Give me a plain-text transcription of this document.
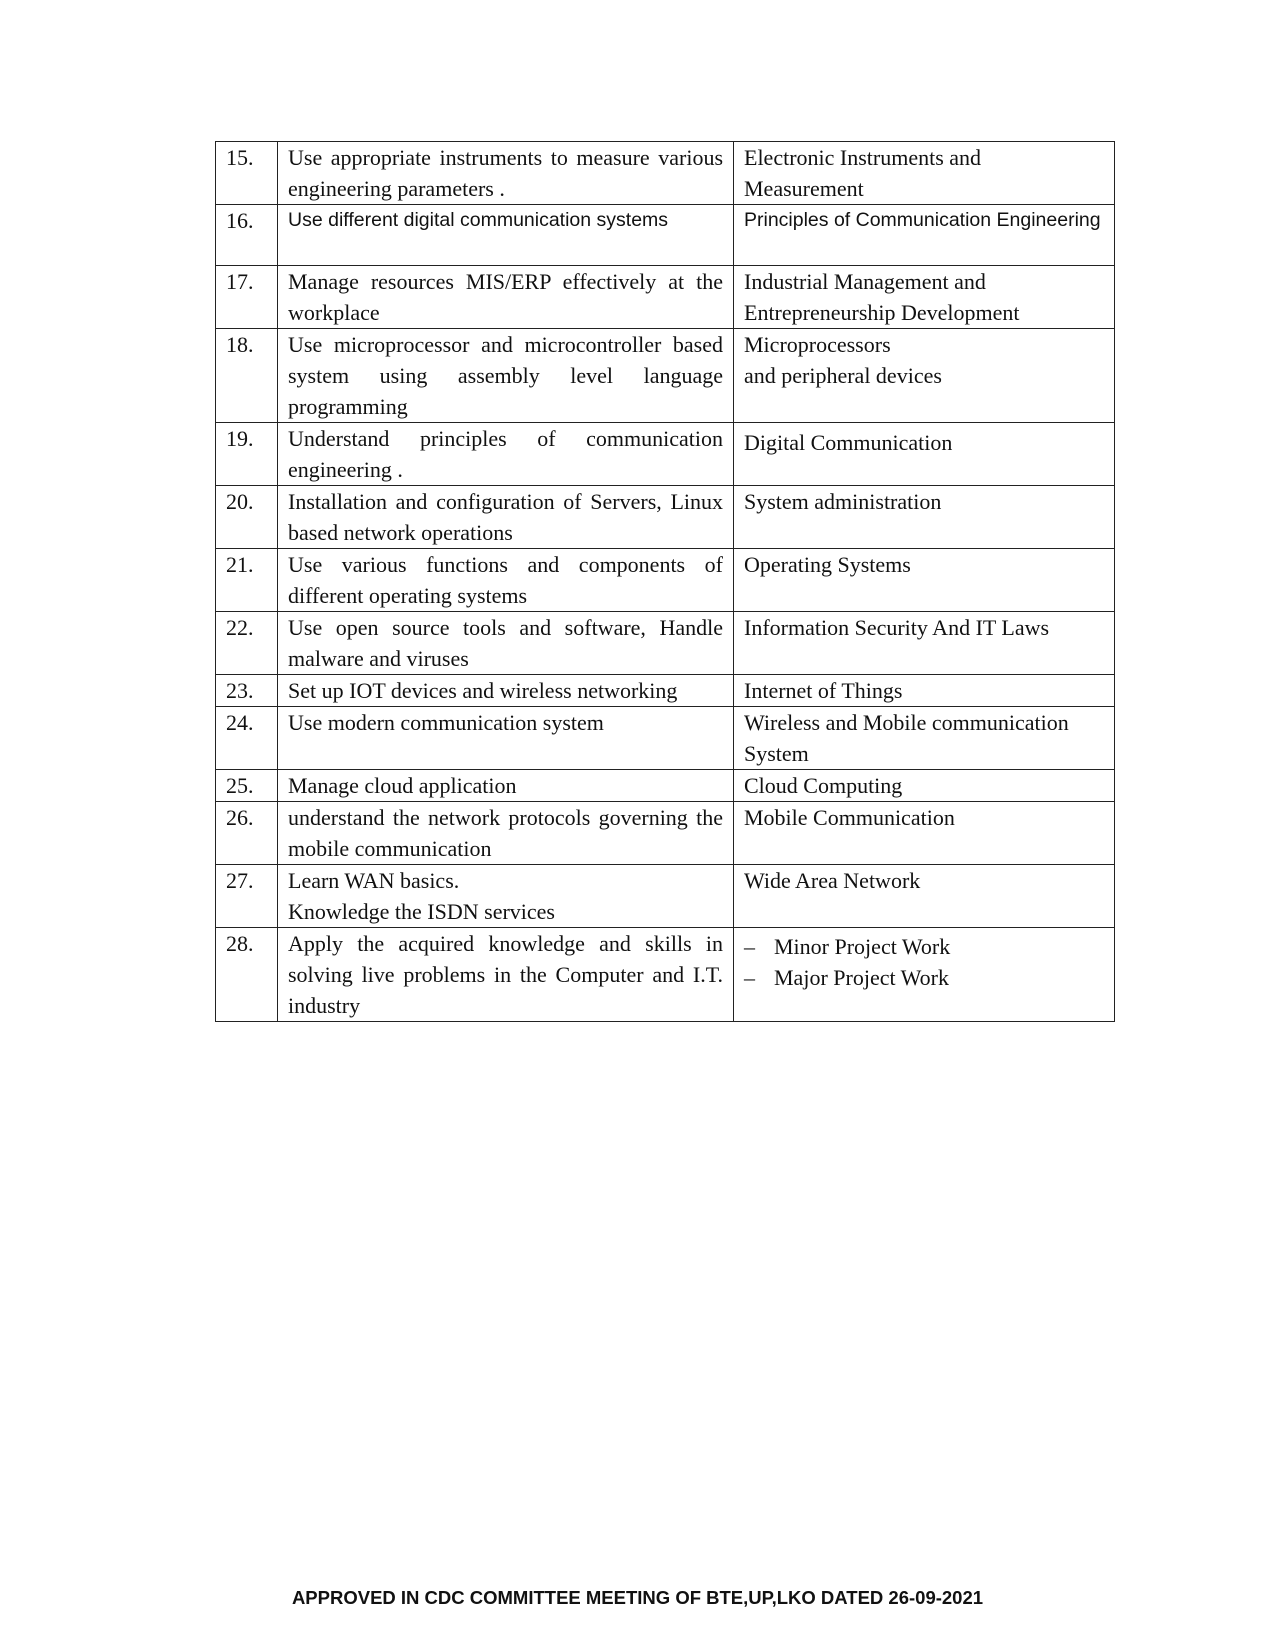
15.	Use appropriate instruments to measure various engineering parameters .	Electronic Instruments and Measurement
16.	Use different digital communication systems	Principles of Communication Engineering
17.	Manage resources MIS/ERP effectively at the workplace	Industrial Management and Entrepreneurship Development
18.	Use microprocessor and microcontroller based system using assembly level language programming	Microprocessors
and peripheral devices

19.	Understand principles of communication engineering .	Digital Communication
20.	Installation and configuration of Servers, Linux based network operations	System administration
21.	Use various functions and components of different operating systems	Operating Systems
22.	Use open source tools and software, Handle malware and viruses	Information Security And IT Laws
23.	Set up IOT devices and wireless networking	Internet of Things
24.	Use modern communication system	Wireless and Mobile communication System
25.	Manage cloud application	Cloud Computing
26.	understand the network protocols governing the mobile communication	Mobile Communication
27.	Learn WAN basics.
Knowledge the ISDN services	Wide Area Network
28.	Apply the acquired knowledge and skills in solving live problems in the Computer and I.T. industry	– Minor Project Work
– Major Project Work
APPROVED IN CDC COMMITTEE MEETING OF BTE,UP,LKO DATED 26-09-2021
